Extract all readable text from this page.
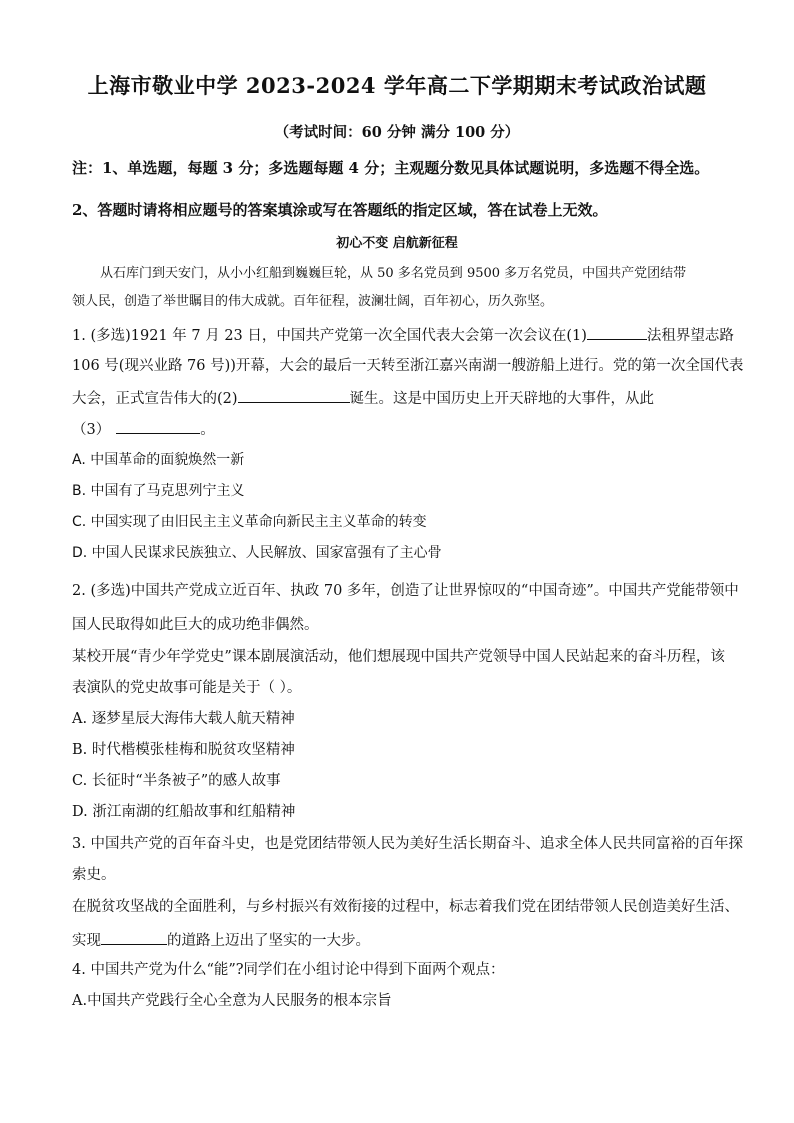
上海市敬业中学 2023-2024 学年高二下学期期末考试政治试题
（考试时间：60 分钟 满分 100 分）
注：1、单选题，每题 3 分；多选题每题 4 分；主观题分数见具体试题说明，多选题不得全选。
2、答题时请将相应题号的答案填涂或写在答题纸的指定区域，答在试卷上无效。
初心不变 启航新征程
从石库门到天安门，从小小红船到巍巍巨轮，从 50 多名党员到 9500 多万名党员，中国共产党团结带
领人民，创造了举世瞩目的伟大成就。百年征程，波澜壮阔，百年初心，历久弥坚。
1. (多选)1921 年 7 月 23 日，中国共产党第一次全国代表大会第一次会议在(1)	法租界望志路
106 号(现兴业路 76 号))开幕，大会的最后一天转至浙江嘉兴南湖一艘游船上进行。党的第一次全国代表
大会，正式宣告伟大的(2)	诞生。这是中国历史上开天辟地的大事件，从此
（3）	。
A. 中国革命的面貌焕然一新
B. 中国有了马克思列宁主义
C. 中国实现了由旧民主主义革命向新民主主义革命的转变
D. 中国人民谋求民族独立、人民解放、国家富强有了主心骨
2. (多选)中国共产党成立近百年、执政 70 多年，创造了让世界惊叹的“中国奇迹”。中国共产党能带领中
国人民取得如此巨大的成功绝非偶然。
某校开展“青少年学党史”课本剧展演活动，他们想展现中国共产党领导中国人民站起来的奋斗历程，该
表演队的党史故事可能是关于（ ）。
A. 逐梦星辰大海伟大载人航天精神
B. 时代楷模张桂梅和脱贫攻坚精神
C. 长征时“半条被子”的感人故事
D. 浙江南湖的红船故事和红船精神
3. 中国共产党的百年奋斗史，也是党团结带领人民为美好生活长期奋斗、追求全体人民共同富裕的百年探
索史。
在脱贫攻坚战的全面胜利，与乡村振兴有效衔接的过程中，标志着我们党在团结带领人民创造美好生活、
实现	的道路上迈出了坚实的一大步。
4. 中国共产党为什么“能”?同学们在小组讨论中得到下面两个观点：
A.中国共产党践行全心全意为人民服务的根本宗旨
